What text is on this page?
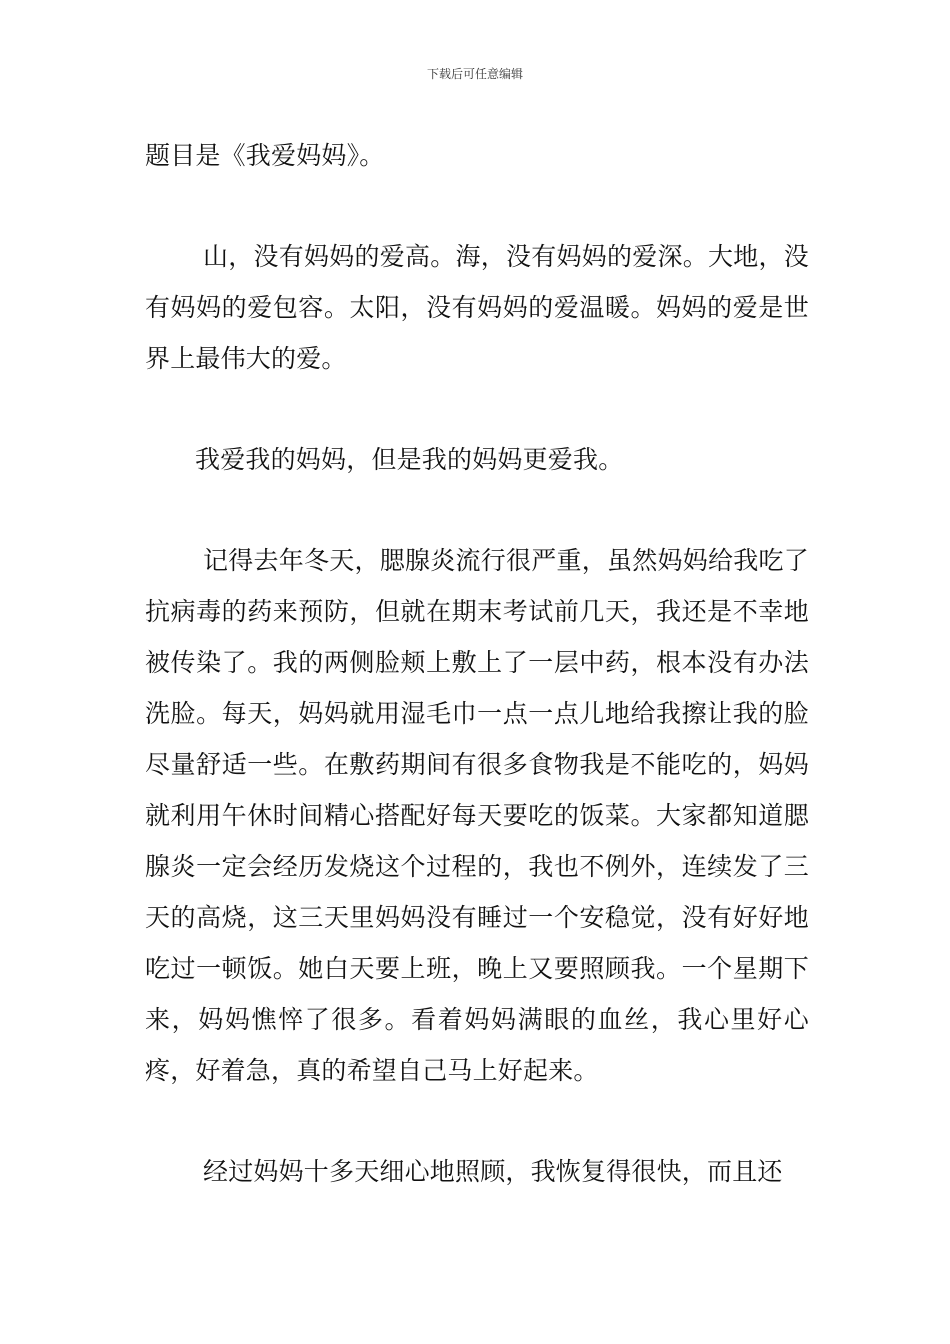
下载后可任意编辑

题目是《我爱妈妈》。

山，没有妈妈的爱高。海，没有妈妈的爱深。大地，没有妈妈的爱包容。太阳，没有妈妈的爱温暖。妈妈的爱是世界上最伟大的爱。

我爱我的妈妈，但是我的妈妈更爱我。

记得去年冬天，腮腺炎流行很严重，虽然妈妈给我吃了抗病毒的药来预防，但就在期末考试前几天，我还是不幸地被传染了。我的两侧脸颊上敷上了一层中药，根本没有办法洗脸。每天，妈妈就用湿毛巾一点一点儿地给我擦让我的脸尽量舒适一些。在敷药期间有很多食物我是不能吃的，妈妈就利用午休时间精心搭配好每天要吃的饭菜。大家都知道腮腺炎一定会经历发烧这个过程的，我也不例外，连续发了三天的高烧，这三天里妈妈没有睡过一个安稳觉，没有好好地吃过一顿饭。她白天要上班，晚上又要照顾我。一个星期下来，妈妈憔悴了很多。看着妈妈满眼的血丝，我心里好心疼，好着急，真的希望自己马上好起来。

经过妈妈十多天细心地照顾，我恢复得很快，而且还
